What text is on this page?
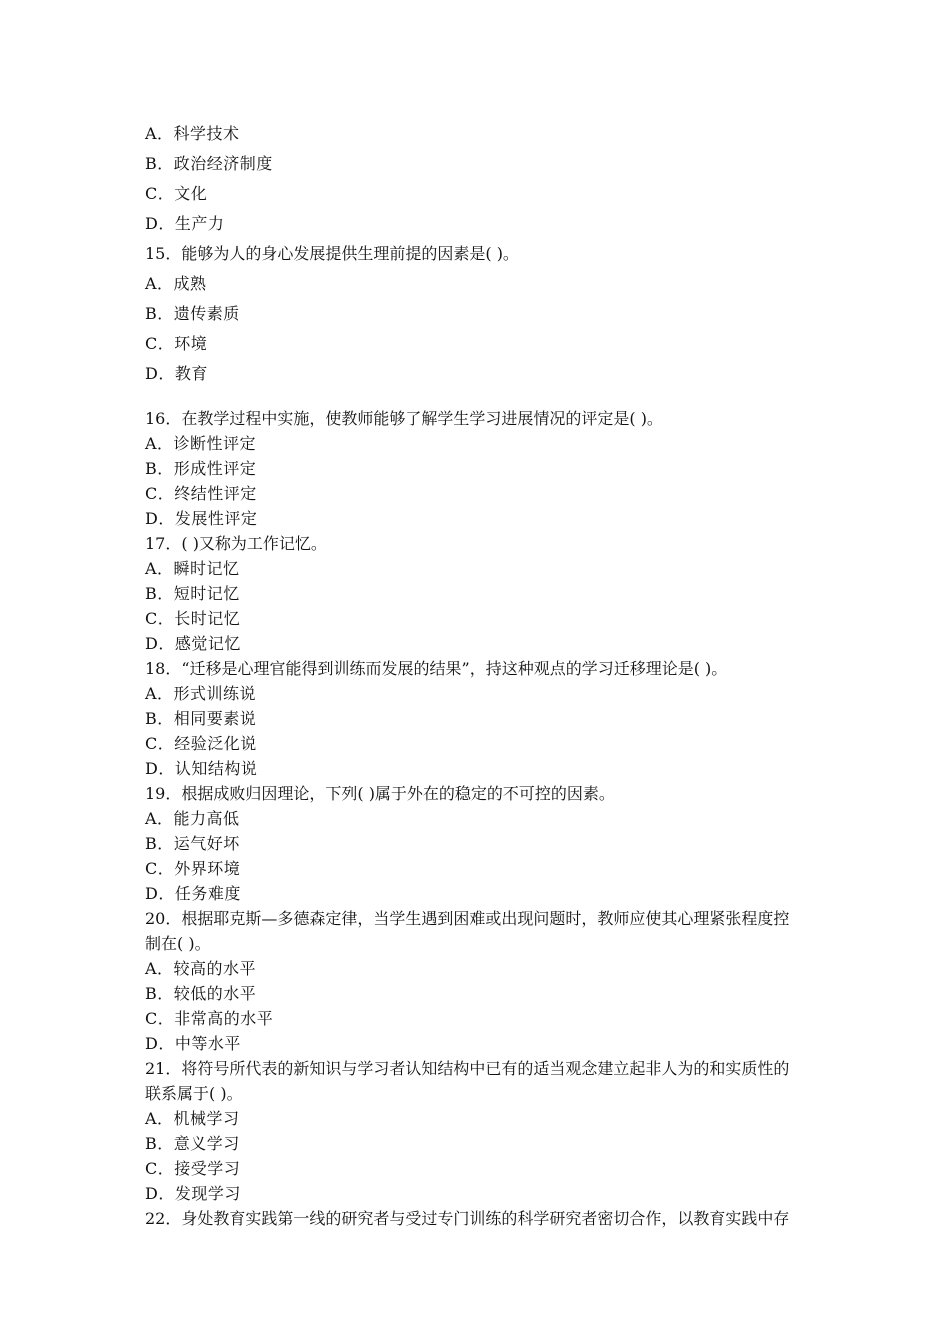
A．科学技术
B．政治经济制度
C．文化
D．生产力
15．能够为人的身心发展提供生理前提的因素是( )。
A．成熟
B．遗传素质
C．环境
D．教育
16．在教学过程中实施，使教师能够了解学生学习进展情况的评定是( )。
A．诊断性评定
B．形成性评定
C．终结性评定
D．发展性评定
17．( )又称为工作记忆。
A．瞬时记忆
B．短时记忆
C．长时记忆
D．感觉记忆
18．“迁移是心理官能得到训练而发展的结果”，持这种观点的学习迁移理论是( )。
A．形式训练说
B．相同要素说
C．经验泛化说
D．认知结构说
19．根据成败归因理论，下列( )属于外在的稳定的不可控的因素。
A．能力高低
B．运气好坏
C．外界环境
D．任务难度
20．根据耶克斯—多德森定律，当学生遇到困难或出现问题时，教师应使其心理紧张程度控
制在( )。
A．较高的水平
B．较低的水平
C．非常高的水平
D．中等水平
21．将符号所代表的新知识与学习者认知结构中已有的适当观念建立起非人为的和实质性的
联系属于( )。
A．机械学习
B．意义学习
C．接受学习
D．发现学习
22．身处教育实践第一线的研究者与受过专门训练的科学研究者密切合作，以教育实践中存
